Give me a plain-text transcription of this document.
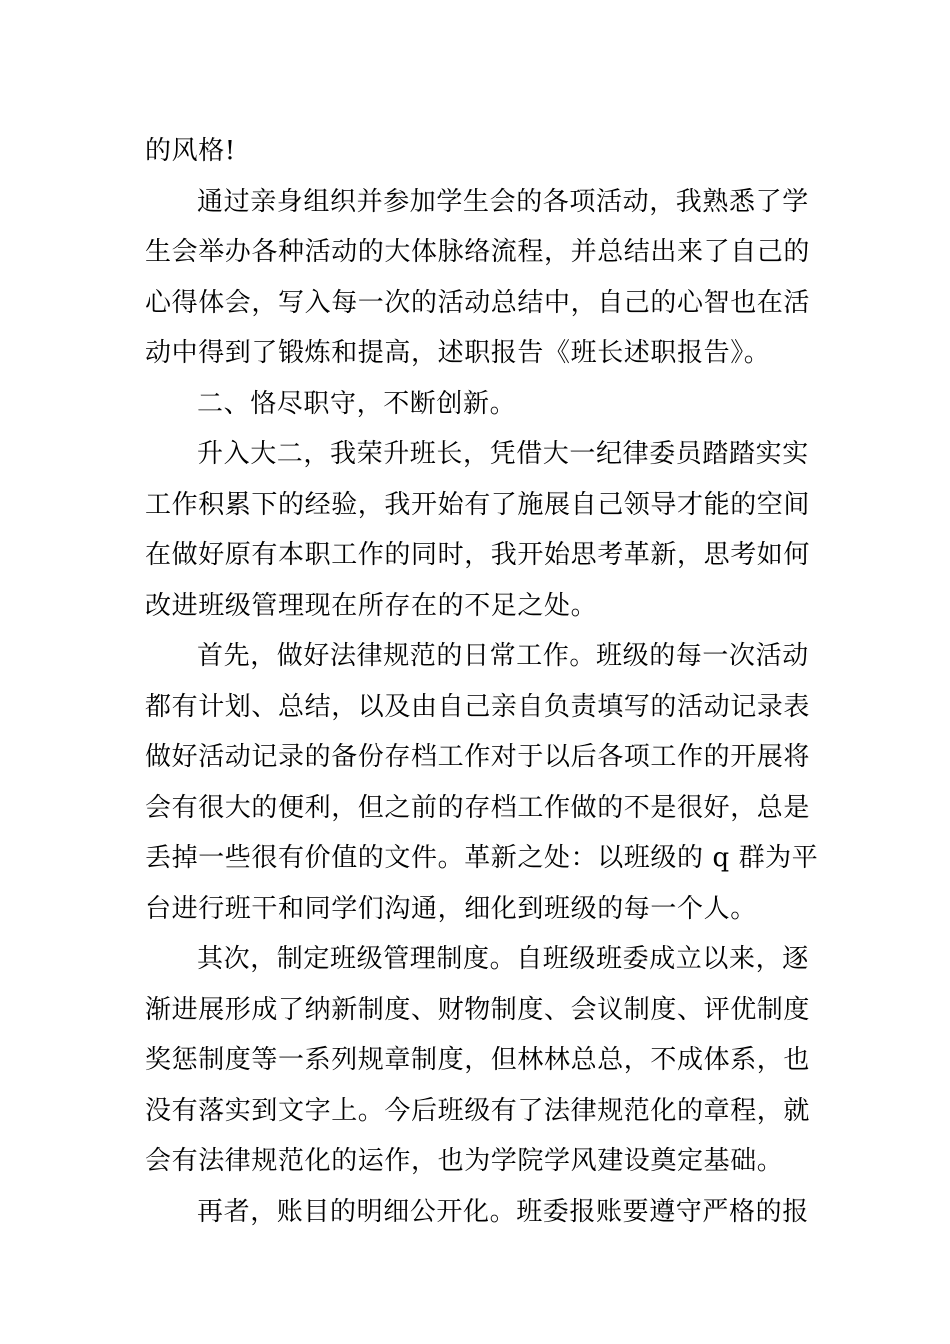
的风格!
通过亲身组织并参加学生会的各项活动，我熟悉了学
生会举办各种活动的大体脉络流程，并总结出来了自己的
心得体会，写入每一次的活动总结中，自己的心智也在活
动中得到了锻炼和提高，述职报告《班长述职报告》。
二、恪尽职守，不断创新。
升入大二，我荣升班长，凭借大一纪律委员踏踏实实
工作积累下的经验，我开始有了施展自己领导才能的空间
在做好原有本职工作的同时，我开始思考革新，思考如何
改进班级管理现在所存在的不足之处。
首先，做好法律规范的日常工作。班级的每一次活动
都有计划、总结，以及由自己亲自负责填写的活动记录表
做好活动记录的备份存档工作对于以后各项工作的开展将
会有很大的便利，但之前的存档工作做的不是很好，总是
丢掉一些很有价值的文件。革新之处：以班级的 q 群为平
台进行班干和同学们沟通，细化到班级的每一个人。
其次，制定班级管理制度。自班级班委成立以来，逐
渐进展形成了纳新制度、财物制度、会议制度、评优制度
奖惩制度等一系列规章制度，但林林总总，不成体系，也
没有落实到文字上。今后班级有了法律规范化的章程，就
会有法律规范化的运作，也为学院学风建设奠定基础。
再者，账目的明细公开化。班委报账要遵守严格的报
